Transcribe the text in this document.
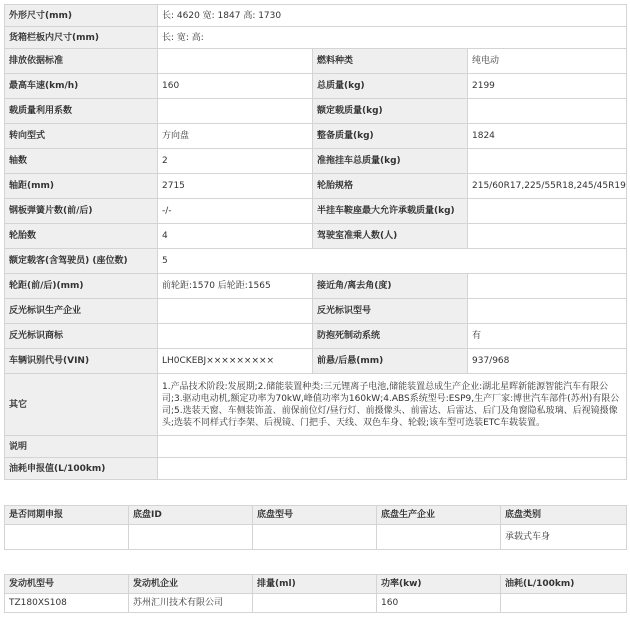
外形尺寸(mm)	长: 4620 宽: 1847 高: 1730		
货箱栏板内尺寸(mm)	长: 宽: 高:		
排放依据标准		燃料种类	纯电动
最高车速(km/h)	160	总质量(kg)	2199
载质量利用系数		额定载质量(kg)	
转向型式	方向盘	整备质量(kg)	1824
轴数	2	准拖挂车总质量(kg)	
轴距(mm)	2715	轮胎规格	215/60R17,225/55R18,245/45R19
钢板弹簧片数(前/后)	-/-	半挂车鞍座最大允许承载质量(kg)	
轮胎数	4	驾驶室准乘人数(人)	
额定载客(含驾驶员) (座位数)	5		
轮距(前/后)(mm)	前轮距:1570 后轮距:1565	接近角/离去角(度)	
反光标识生产企业		反光标识型号	
反光标识商标		防抱死制动系统	有
车辆识别代号(VIN)	LH0CKEBJ×××××××××	前悬/后悬(mm)	937/968
其它	1.产品技术阶段:发展期;2.储能装置种类:三元锂离子电池,储能装置总成生产企业:湖北星晖新能源智能汽车有限公司;3.驱动电动机,额定功率为70kW,峰值功率为160kW;4.ABS系统型号:ESP9,生产厂家:博世汽车部件(苏州)有限公司;5.选装天窗、车侧装饰盖、前保前位灯/昼行灯、前摄像头、前雷达、后雷达、后门及角窗隐私玻璃、后视镜摄像头;选装不同样式行李架、后视镜、门把手、天线、双色车身、轮毂;该车型可选装ETC车载装置。		
说明			
油耗申报值(L/100km)			
是否同期申报	底盘ID	底盘型号	底盘生产企业	底盘类别
				承载式车身
发动机型号	发动机企业	排量(ml)	功率(kw)	油耗(L/100km)
TZ180XS108	苏州汇川技术有限公司		160	
